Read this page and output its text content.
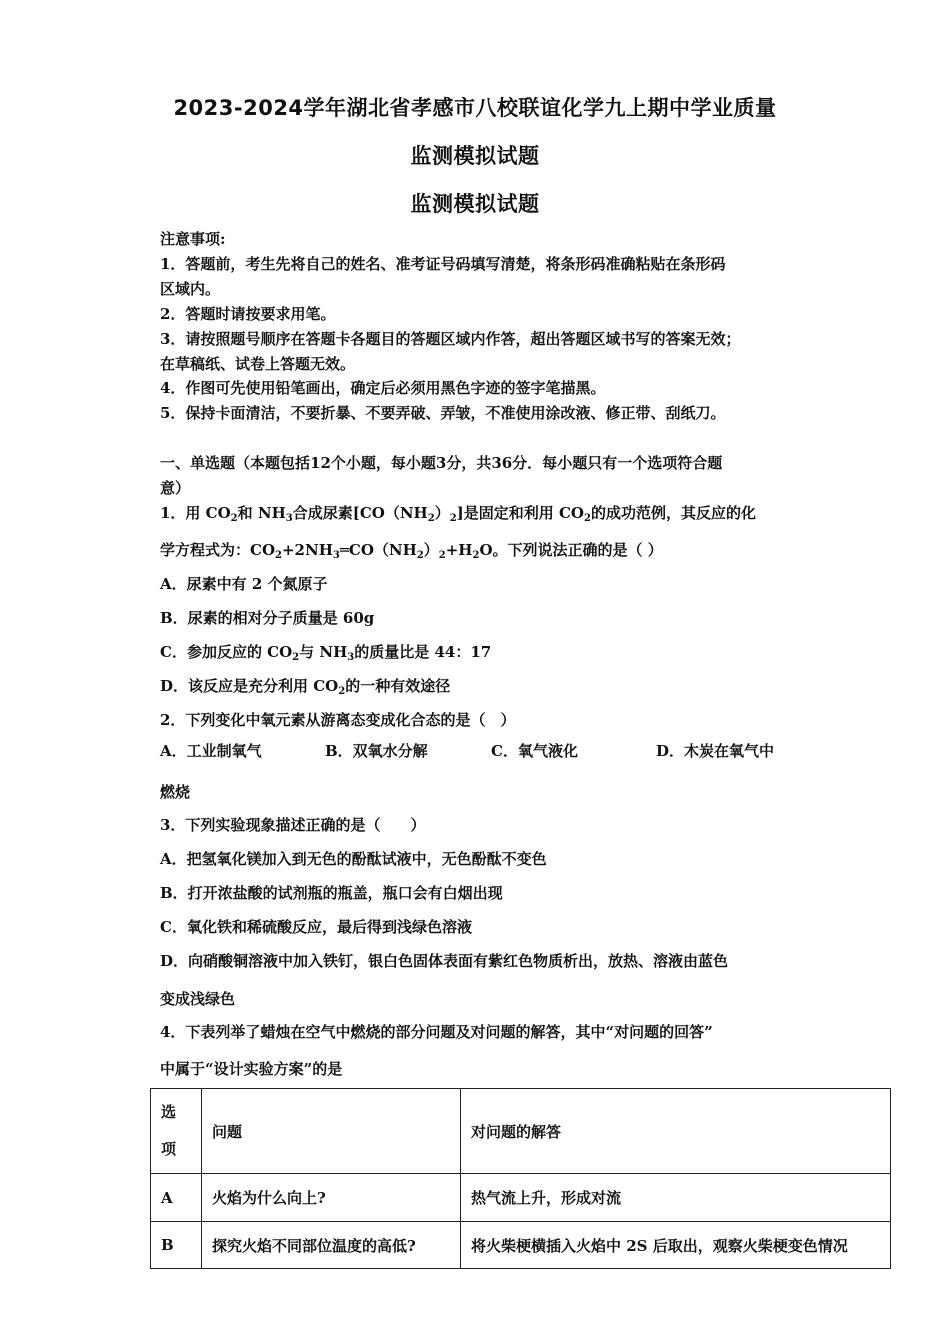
2023-2024学年湖北省孝感市八校联谊化学九上期中学业质量
监测模拟试题
监测模拟试题
注意事项:
1．答题前，考生先将自己的姓名、准考证号码填写清楚，将条形码准确粘贴在条形码
区域内。
2．答题时请按要求用笔。
3．请按照题号顺序在答题卡各题目的答题区域内作答，超出答题区域书写的答案无效；
在草稿纸、试卷上答题无效。
4．作图可先使用铅笔画出，确定后必须用黑色字迹的签字笔描黑。
5．保持卡面清洁，不要折暴、不要弄破、弄皱，不准使用涂改液、修正带、刮纸刀。
一、单选题（本题包括12个小题，每小题3分，共36分．每小题只有一个选项符合题
意）
1．用 $CO_2$和 $NH_3$合成尿素$[CO(NH_2)_2]$是固定和利用 $CO_2$的成功范例，其反应的化
学方程式为：$CO_2+2NH_3═CO(NH_2)_2+H_2O$。下列说法正确的是（ ）
A．尿素中有 2 个氮原子
B．尿素的相对分子质量是 60g
C．参加反应的 $CO_2$与 $NH_3$的质量比是 44：17
D．该反应是充分利用 $CO_2$的一种有效途径
2．下列变化中氧元素从游离态变成化合态的是（　）
A．工业制氧气	B．双氧水分解	C．氧气液化	D．木炭在氧气中
燃烧
3．下列实验现象描述正确的是（　　）
A．把氢氧化镁加入到无色的酚酞试液中，无色酚酞不变色
B．打开浓盐酸的试剂瓶的瓶盖，瓶口会有白烟出现
C．氧化铁和稀硫酸反应，最后得到浅绿色溶液
D．向硝酸铜溶液中加入铁钉，银白色固体表面有紫红色物质析出，放热、溶液由蓝色
变成浅绿色
4．下表列举了蜡烛在空气中燃烧的部分问题及对问题的解答，其中“对问题的回答”
中属于“设计实验方案”的是
选
项	问题	对问题的解答
A	火焰为什么向上?	热气流上升，形成对流
B	探究火焰不同部位温度的高低?	将火柴梗横插入火焰中 2S 后取出，观察火柴梗变色情况
